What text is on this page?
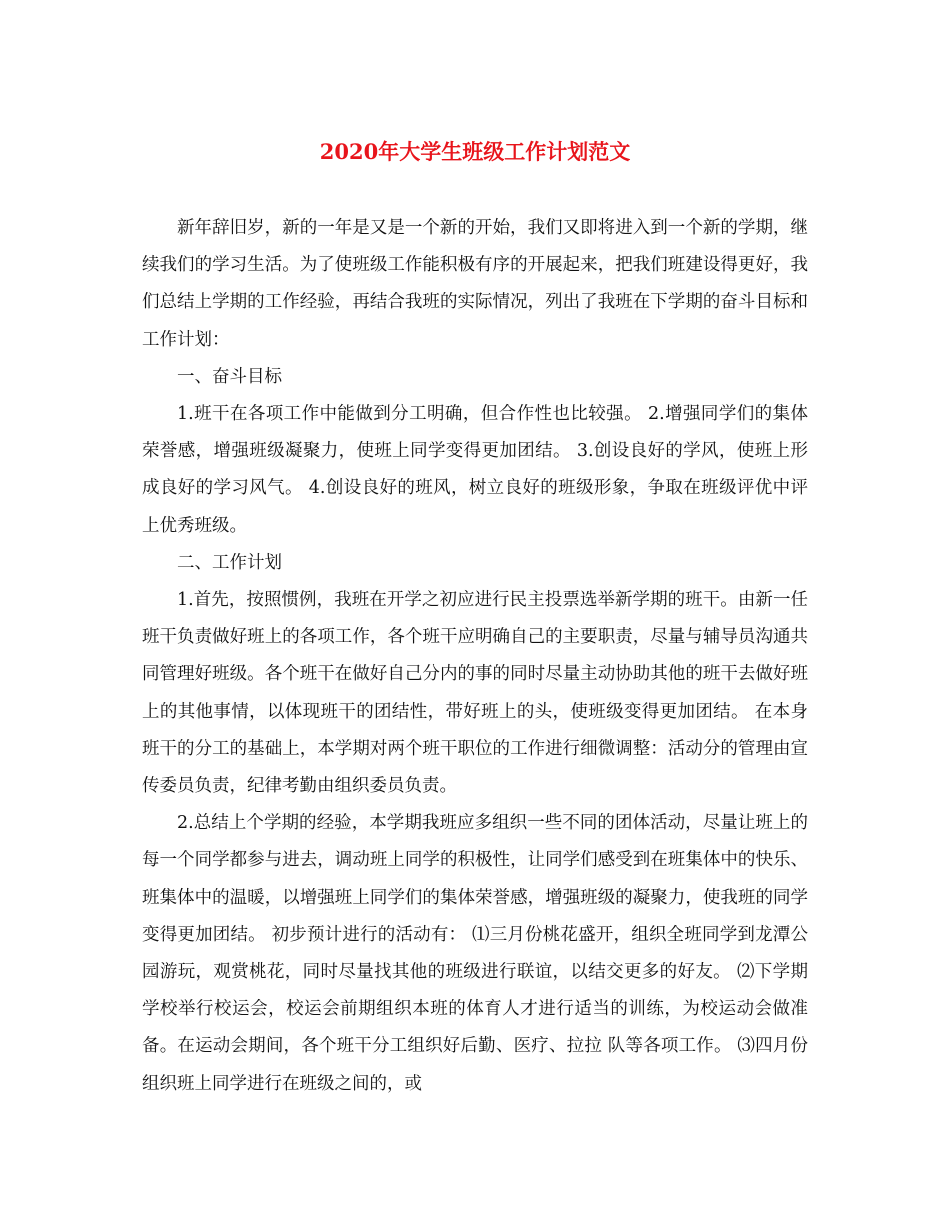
2020年大学生班级工作计划范文

新年辞旧岁，新的一年是又是一个新的开始，我们又即将进入到一个新的学期，继续我们的学习生活。为了使班级工作能积极有序的开展起来，把我们班建设得更好，我们总结上学期的工作经验，再结合我班的实际情况，列出了我班在下学期的奋斗目标和工作计划：

一、奋斗目标

1.班干在各项工作中能做到分工明确，但合作性也比较强。 2.增强同学们的集体荣誉感，增强班级凝聚力，使班上同学变得更加团结。 3.创设良好的学风，使班上形成良好的学习风气。 4.创设良好的班风，树立良好的班级形象，争取在班级评优中评上优秀班级。

二、工作计划

1.首先，按照惯例，我班在开学之初应进行民主投票选举新学期的班干。由新一任班干负责做好班上的各项工作，各个班干应明确自己的主要职责，尽量与辅导员沟通共同管理好班级。各个班干在做好自己分内的事的同时尽量主动协助其他的班干去做好班上的其他事情，以体现班干的团结性，带好班上的头，使班级变得更加团结。 在本身班干的分工的基础上，本学期对两个班干职位的工作进行细微调整：活动分的管理由宣传委员负责，纪律考勤由组织委员负责。

2.总结上个学期的经验，本学期我班应多组织一些不同的团体活动，尽量让班上的每一个同学都参与进去，调动班上同学的积极性，让同学们感受到在班集体中的快乐、班集体中的温暖，以增强班上同学们的集体荣誉感，增强班级的凝聚力，使我班的同学变得更加团结。 初步预计进行的活动有： ⑴三月份桃花盛开，组织全班同学到龙潭公园游玩，观赏桃花，同时尽量找其他的班级进行联谊，以结交更多的好友。 ⑵下学期学校举行校运会，校运会前期组织本班的体育人才进行适当的训练，为校运动会做准备。在运动会期间，各个班干分工组织好后勤、医疗、拉拉 队等各项工作。 ⑶四月份组织班上同学进行在班级之间的，或
